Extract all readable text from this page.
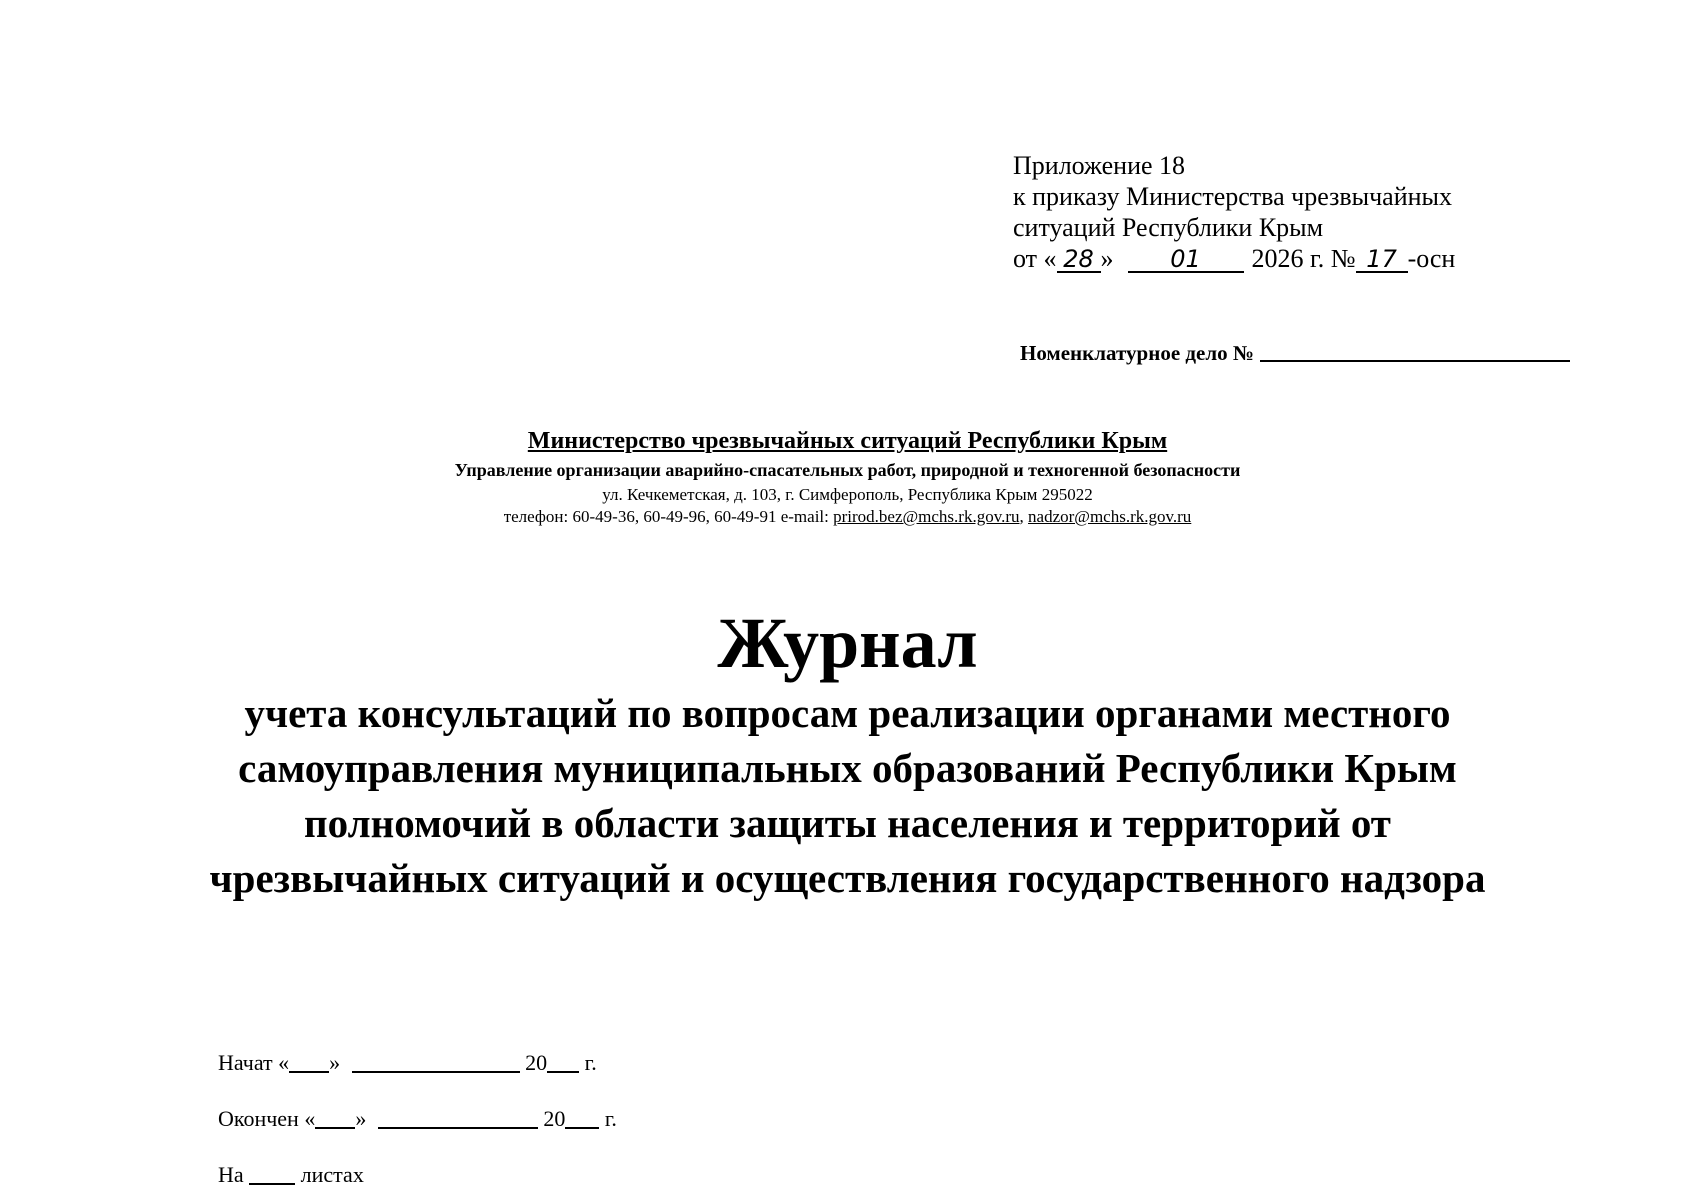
Приложение 18
к приказу Министерства чрезвычайных
ситуаций Республики Крым
от « 28 » 01 2026 г. № 17 -осн
Номенклатурное дело №
Министерство чрезвычайных ситуаций Республики Крым
Управление организации аварийно-спасательных работ, природной и техногенной безопасности
ул. Кечкеметская, д. 103, г. Симферополь, Республика Крым 295022
телефон: 60-49-36, 60-49-96, 60-49-91 e-mail: prirod.bez@mchs.rk.gov.ru, nadzor@mchs.rk.gov.ru
Журнал
учета консультаций по вопросам реализации органами местного
самоуправления муниципальных образований Республики Крым
полномочий в области защиты населения и территорий от
чрезвычайных ситуаций и осуществления государственного надзора
Начат « »	20 г.
Окончен « »	20 г.
На	листах
